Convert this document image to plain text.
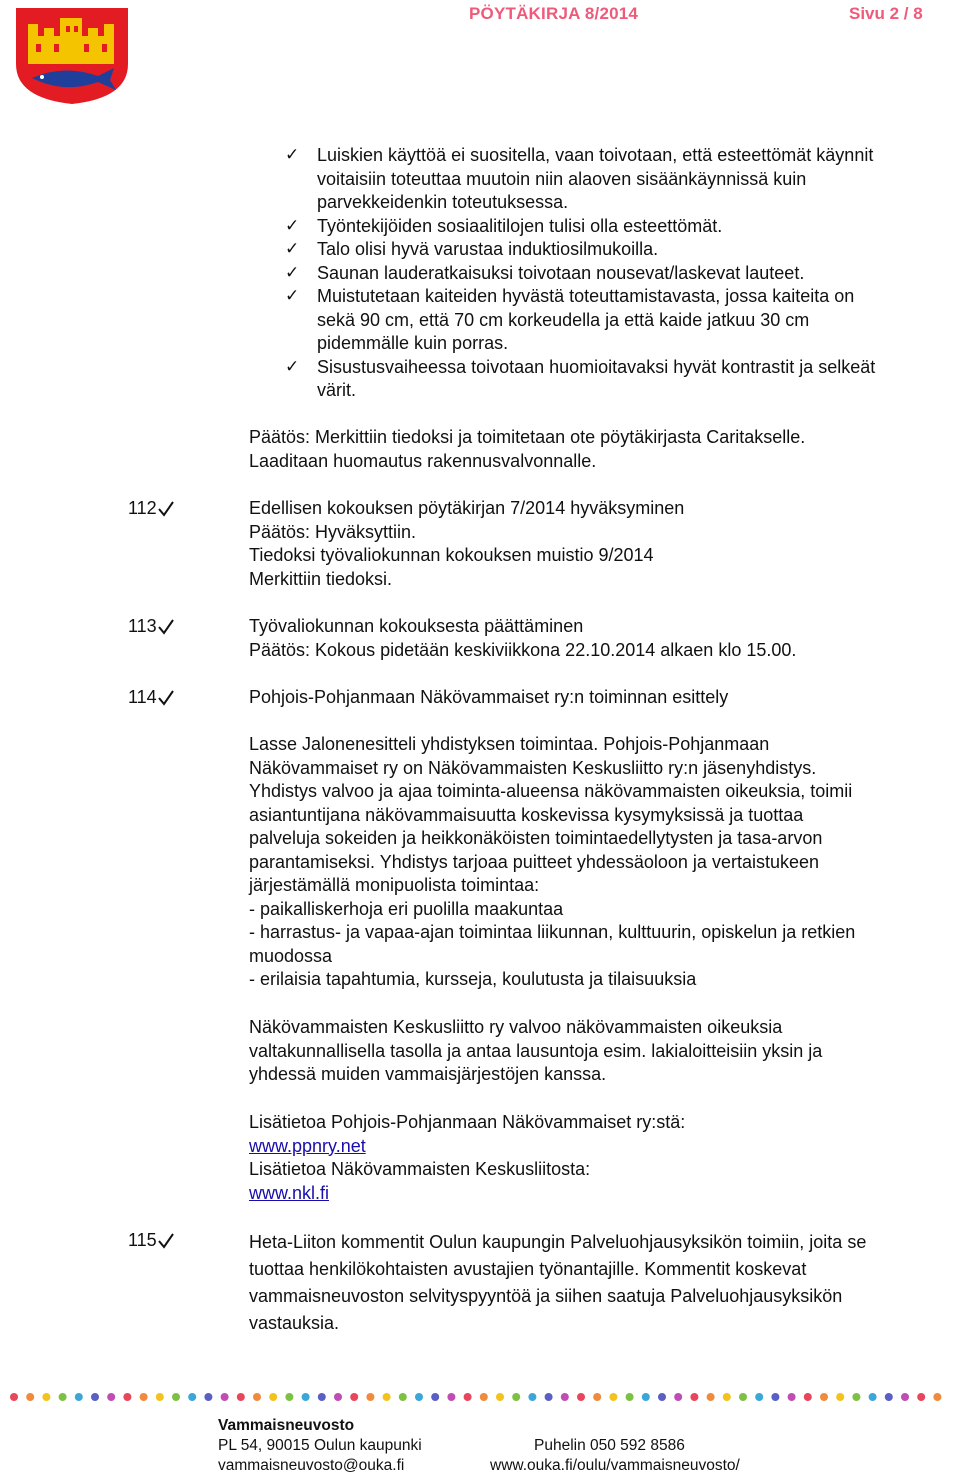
PÖYTÄKIRJA 8/2014	Sivu 2 / 8
✓ Luiskien käyttöä ei suositella, vaan toivotaan, että esteettömät käynnit
voitaisiin toteuttaa muutoin niin alaoven sisäänkäynnissä kuin
parvekkeidenkin toteutuksessa.
✓ Työntekijöiden sosiaalitilojen tulisi olla esteettömät.
✓ Talo olisi hyvä varustaa induktiosilmukoilla.
✓ Saunan lauderatkaisuksi toivotaan nousevat/laskevat lauteet.
✓ Muistutetaan kaiteiden hyvästä toteuttamistavasta, jossa kaiteita on
sekä 90 cm, että 70 cm korkeudella ja että kaide jatkuu 30 cm
pidemmälle kuin porras.
✓ Sisustusvaiheessa toivotaan huomioitavaksi hyvät kontrastit ja selkeät
värit.
Päätös: Merkittiin tiedoksi ja toimitetaan ote pöytäkirjasta Caritakselle.
Laaditaan huomautus rakennusvalvonnalle.
112	Edellisen kokouksen pöytäkirjan 7/2014 hyväksyminen
Päätös: Hyväksyttiin.
Tiedoksi työvaliokunnan kokouksen muistio 9/2014
Merkittiin tiedoksi.
113	Työvaliokunnan kokouksesta päättäminen
Päätös: Kokous pidetään keskiviikkona 22.10.2014 alkaen klo 15.00.
114	Pohjois-Pohjanmaan Näkövammaiset ry:n toiminnan esittely
Lasse Jalonenesitteli yhdistyksen toimintaa. Pohjois-Pohjanmaan
Näkövammaiset ry on Näkövammaisten Keskusliitto ry:n jäsenyhdistys.
Yhdistys valvoo ja ajaa toiminta-alueensa näkövammaisten oikeuksia, toimii
asiantuntijana näkövammaisuutta koskevissa kysymyksissä ja tuottaa
palveluja sokeiden ja heikkonäköisten toimintaedellytysten ja tasa-arvon
parantamiseksi. Yhdistys tarjoaa puitteet yhdessäoloon ja vertaistukeen
järjestämällä monipuolista toimintaa:
- paikalliskerhoja eri puolilla maakuntaa
- harrastus- ja vapaa-ajan toimintaa liikunnan, kulttuurin, opiskelun ja retkien
muodossa
- erilaisia tapahtumia, kursseja, koulutusta ja tilaisuuksia
Näkövammaisten Keskusliitto ry valvoo näkövammaisten oikeuksia
valtakunnallisella tasolla ja antaa lausuntoja esim. lakialoitteisiin yksin ja
yhdessä muiden vammaisjärjestöjen kanssa.
Lisätietoa Pohjois-Pohjanmaan Näkövammaiset ry:stä:
www.ppnry.net
Lisätietoa Näkövammaisten Keskusliitosta:
www.nkl.fi
115	Heta-Liiton kommentit Oulun kaupungin Palveluohjausyksikön toimiin, joita se
tuottaa henkilökohtaisten avustajien työnantajille. Kommentit koskevat
vammaisneuvoston selvityspyyntöä ja siihen saatuja Palveluohjausyksikön
vastauksia.
Vammaisneuvosto
PL 54, 90015 Oulun kaupunki
vammaisneuvosto@ouka.fi
Puhelin 050 592 8586
www.ouka.fi/oulu/vammaisneuvosto/
